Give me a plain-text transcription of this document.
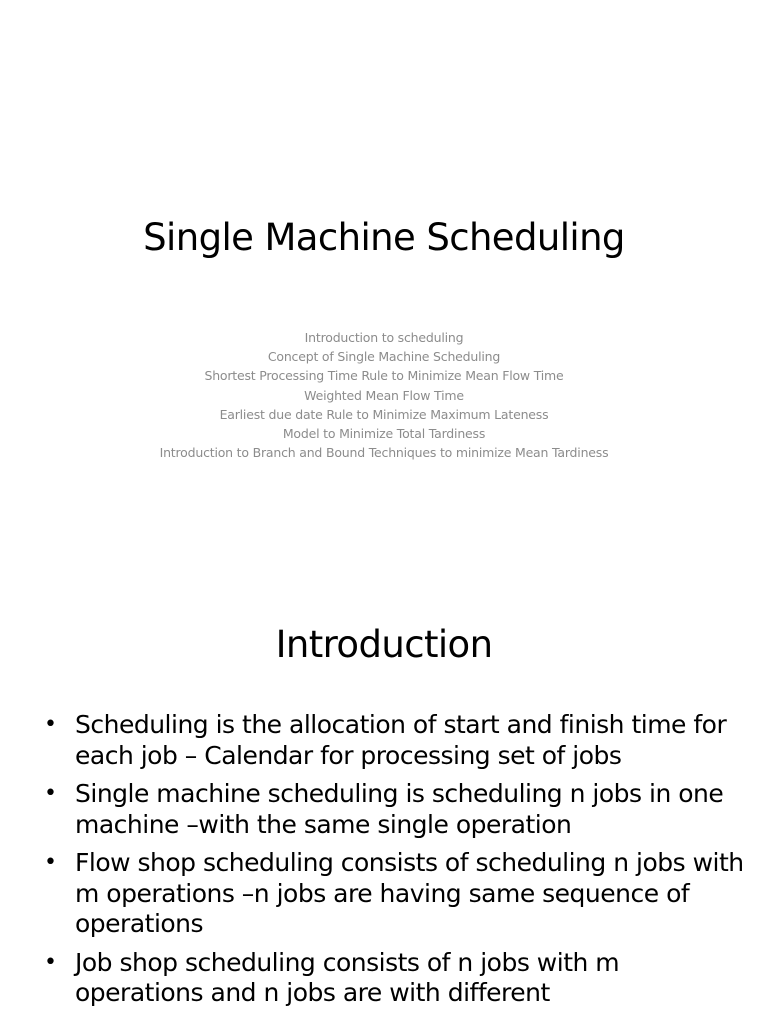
Single Machine Scheduling
Introduction to scheduling
Concept of Single Machine Scheduling
Shortest Processing Time Rule to Minimize Mean Flow Time
Weighted Mean Flow Time
Earliest due date Rule to Minimize Maximum Lateness
Model to Minimize Total Tardiness
Introduction to Branch and Bound Techniques to minimize Mean Tardiness
Introduction
• Scheduling is the allocation of start and finish time for each job – Calendar for processing set of jobs
• Single machine scheduling is scheduling n jobs in one machine –with the same single operation
• Flow shop scheduling consists of scheduling n jobs with m operations –n jobs are having same sequence of operations
• Job shop scheduling consists of n jobs with m operations and n jobs are with different
